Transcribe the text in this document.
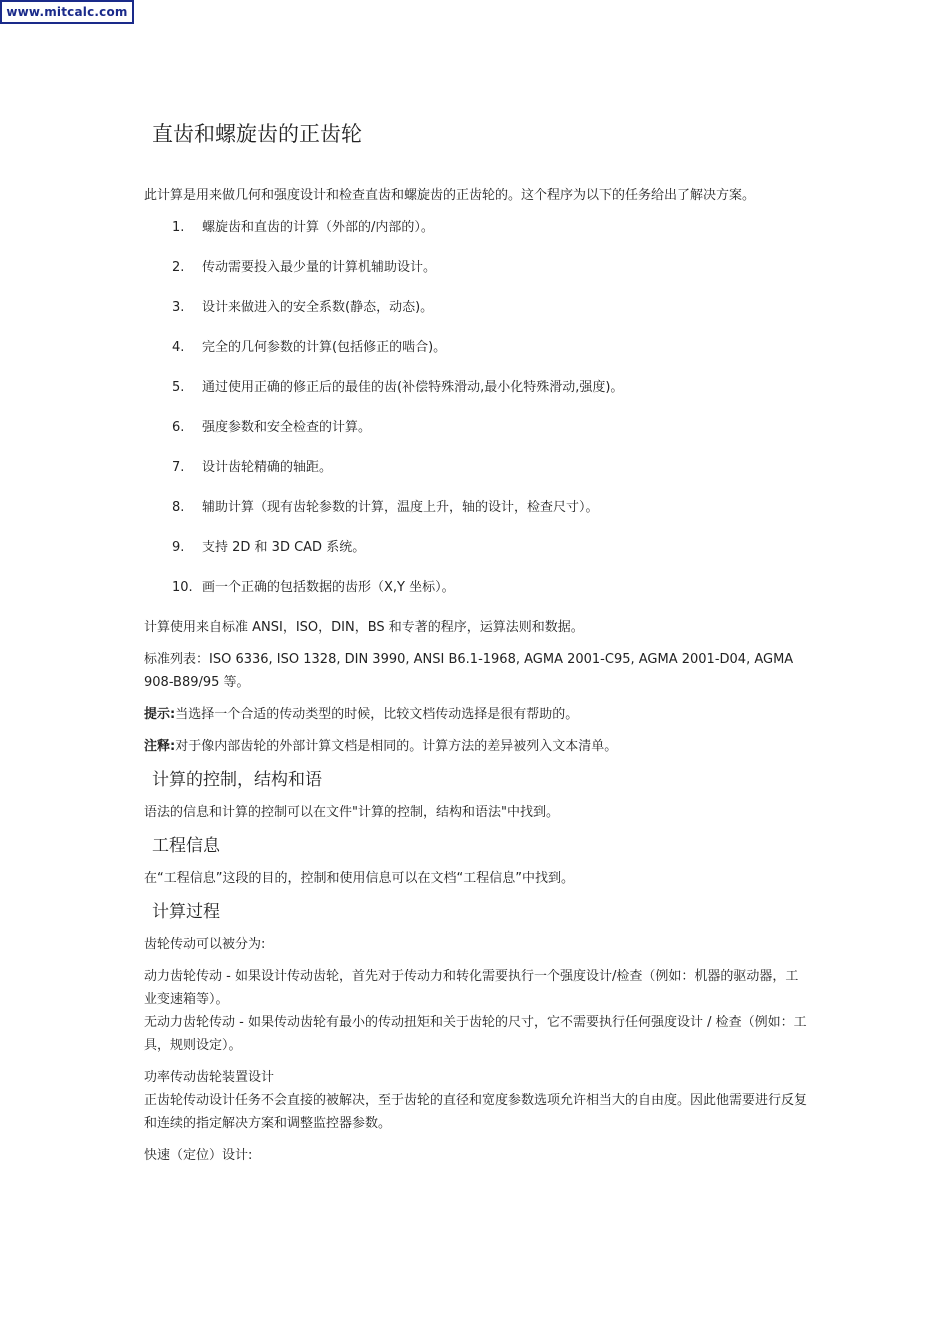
www.mitcalc.com
直齿和螺旋齿的正齿轮
此计算是用来做几何和强度设计和检查直齿和螺旋齿的正齿轮的。这个程序为以下的任务给出了解决方案。
1.	螺旋齿和直齿的计算（外部的/内部的）。
2.	传动需要投入最少量的计算机辅助设计。
3.	设计来做进入的安全系数(静态，动态)。
4.	完全的几何参数的计算(包括修正的啮合)。
5.	通过使用正确的修正后的最佳的齿(补偿特殊滑动,最小化特殊滑动,强度)。
6.	强度参数和安全检查的计算。
7.	设计齿轮精确的轴距。
8.	辅助计算（现有齿轮参数的计算，温度上升，轴的设计，检查尺寸）。
9.	支持 2D 和 3D CAD 系统。
10. 画一个正确的包括数据的齿形（X,Y 坐标）。
计算使用来自标准 ANSI，ISO，DIN，BS 和专著的程序，运算法则和数据。
标准列表：ISO 6336, ISO 1328, DIN 3990, ANSI B6.1-1968, AGMA 2001-C95, AGMA 2001-D04, AGMA 908-B89/95 等。
提示:当选择一个合适的传动类型的时候，比较文档传动选择是很有帮助的。
注释:对于像内部齿轮的外部计算文档是相同的。计算方法的差异被列入文本清单。
计算的控制，结构和语
语法的信息和计算的控制可以在文件"计算的控制，结构和语法"中找到。
工程信息
在“工程信息”这段的目的，控制和使用信息可以在文档“工程信息”中找到。
计算过程
齿轮传动可以被分为:
动力齿轮传动 - 如果设计传动齿轮，首先对于传动力和转化需要执行一个强度设计/检查（例如：机器的驱动器，工业变速箱等）。
无动力齿轮传动 - 如果传动齿轮有最小的传动扭矩和关于齿轮的尺寸，它不需要执行任何强度设计 / 检查（例如：工具，规则设定）。
功率传动齿轮装置设计
正齿轮传动设计任务不会直接的被解决，至于齿轮的直径和宽度参数选项允许相当大的自由度。因此他需要进行反复和连续的指定解决方案和调整监控器参数。
快速（定位）设计:
